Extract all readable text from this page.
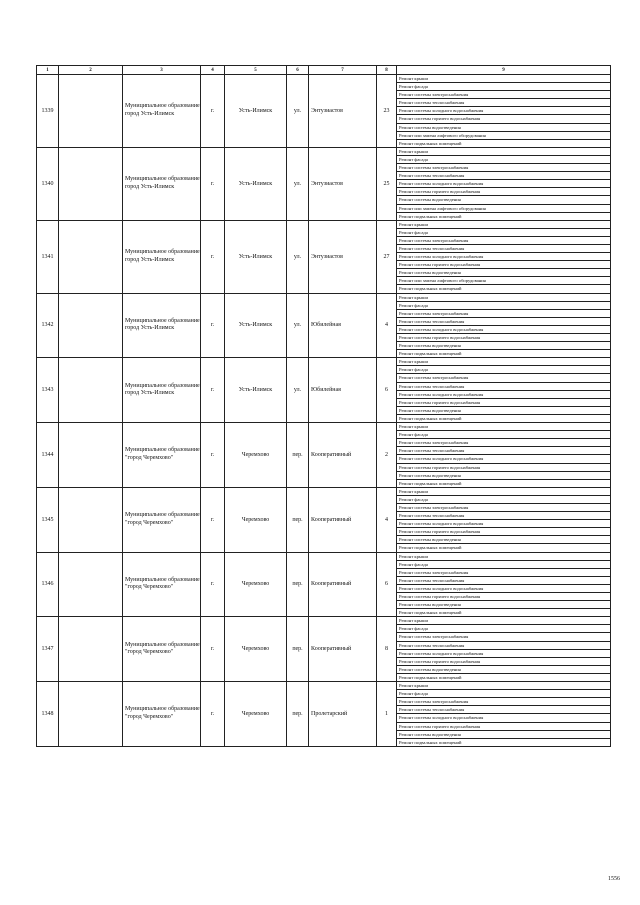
1	2	3	4	5	6	7	8	9
1339		Муниципальное образование город Усть-Илимск	г.	Усть-Илимск	ул.	Энтузиастов	23	Ремонт крыши
								Ремонт фасада
								Ремонт системы электроснабжения
								Ремонт системы теплоснабжения
								Ремонт системы холодного водоснабжения
								Ремонт системы горячего водоснабжения
								Ремонт системы водоотведения
								Ремонт или замена лифтового оборудования
								Ремонт подвальных помещений
1340		Муниципальное образование город Усть-Илимск	г.	Усть-Илимск	ул.	Энтузиастов	25	Ремонт крыши
								Ремонт фасада
								Ремонт системы электроснабжения
								Ремонт системы теплоснабжения
								Ремонт системы холодного водоснабжения
								Ремонт системы горячего водоснабжения
								Ремонт системы водоотведения
								Ремонт или замена лифтового оборудования
								Ремонт подвальных помещений
1341		Муниципальное образование город Усть-Илимск	г.	Усть-Илимск	ул.	Энтузиастов	27	Ремонт крыши
								Ремонт фасада
								Ремонт системы электроснабжения
								Ремонт системы теплоснабжения
								Ремонт системы холодного водоснабжения
								Ремонт системы горячего водоснабжения
								Ремонт системы водоотведения
								Ремонт или замена лифтового оборудования
								Ремонт подвальных помещений
1342		Муниципальное образование город Усть-Илимск	г.	Усть-Илимск	ул.	Юбилейная	4	Ремонт крыши
								Ремонт фасада
								Ремонт системы электроснабжения
								Ремонт системы теплоснабжения
								Ремонт системы холодного водоснабжения
								Ремонт системы горячего водоснабжения
								Ремонт системы водоотведения
								Ремонт подвальных помещений
1343		Муниципальное образование город Усть-Илимск	г.	Усть-Илимск	ул.	Юбилейная	6	Ремонт крыши
								Ремонт фасада
								Ремонт системы электроснабжения
								Ремонт системы теплоснабжения
								Ремонт системы холодного водоснабжения
								Ремонт системы горячего водоснабжения
								Ремонт системы водоотведения
								Ремонт подвальных помещений
1344		Муниципальное образование "город Черемхово"	г.	Черемхово	пер.	Кооперативный	2	Ремонт крыши
								Ремонт фасада
								Ремонт системы электроснабжения
								Ремонт системы теплоснабжения
								Ремонт системы холодного водоснабжения
								Ремонт системы горячего водоснабжения
								Ремонт системы водоотведения
								Ремонт подвальных помещений
1345		Муниципальное образование "город Черемхово"	г.	Черемхово	пер.	Кооперативный	4	Ремонт крыши
								Ремонт фасада
								Ремонт системы электроснабжения
								Ремонт системы теплоснабжения
								Ремонт системы холодного водоснабжения
								Ремонт системы горячего водоснабжения
								Ремонт системы водоотведения
								Ремонт подвальных помещений
1346		Муниципальное образование "город Черемхово"	г.	Черемхово	пер.	Кооперативный	6	Ремонт крыши
								Ремонт фасада
								Ремонт системы электроснабжения
								Ремонт системы теплоснабжения
								Ремонт системы холодного водоснабжения
								Ремонт системы горячего водоснабжения
								Ремонт системы водоотведения
								Ремонт подвальных помещений
1347		Муниципальное образование "город Черемхово"	г.	Черемхово	пер.	Кооперативный	8	Ремонт крыши
								Ремонт фасада
								Ремонт системы электроснабжения
								Ремонт системы теплоснабжения
								Ремонт системы холодного водоснабжения
								Ремонт системы горячего водоснабжения
								Ремонт системы водоотведения
								Ремонт подвальных помещений
1348		Муниципальное образование "город Черемхово"	г.	Черемхово	пер.	Пролетарский	1	Ремонт крыши
								Ремонт фасада
								Ремонт системы электроснабжения
								Ремонт системы теплоснабжения
								Ремонт системы холодного водоснабжения
								Ремонт системы горячего водоснабжения
								Ремонт системы водоотведения
								Ремонт подвальных помещений
1556
